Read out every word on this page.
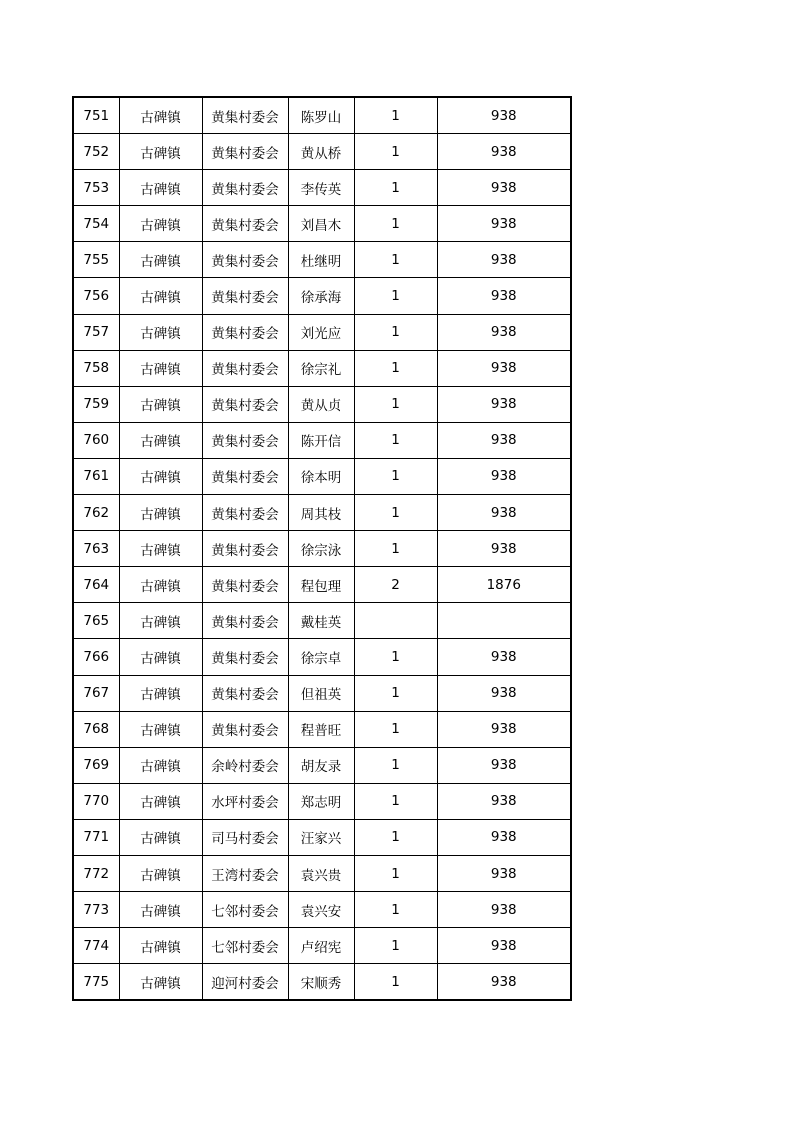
751	古碑镇	黄集村委会	陈罗山	1	938
752	古碑镇	黄集村委会	黄从桥	1	938
753	古碑镇	黄集村委会	李传英	1	938
754	古碑镇	黄集村委会	刘昌木	1	938
755	古碑镇	黄集村委会	杜继明	1	938
756	古碑镇	黄集村委会	徐承海	1	938
757	古碑镇	黄集村委会	刘光应	1	938
758	古碑镇	黄集村委会	徐宗礼	1	938
759	古碑镇	黄集村委会	黄从贞	1	938
760	古碑镇	黄集村委会	陈开信	1	938
761	古碑镇	黄集村委会	徐本明	1	938
762	古碑镇	黄集村委会	周其枝	1	938
763	古碑镇	黄集村委会	徐宗泳	1	938
764	古碑镇	黄集村委会	程包理	2	1876
765	古碑镇	黄集村委会	戴桂英		
766	古碑镇	黄集村委会	徐宗卓	1	938
767	古碑镇	黄集村委会	但祖英	1	938
768	古碑镇	黄集村委会	程普旺	1	938
769	古碑镇	余岭村委会	胡友录	1	938
770	古碑镇	水坪村委会	郑志明	1	938
771	古碑镇	司马村委会	汪家兴	1	938
772	古碑镇	王湾村委会	袁兴贵	1	938
773	古碑镇	七邻村委会	袁兴安	1	938
774	古碑镇	七邻村委会	卢绍宪	1	938
775	古碑镇	迎河村委会	宋顺秀	1	938
